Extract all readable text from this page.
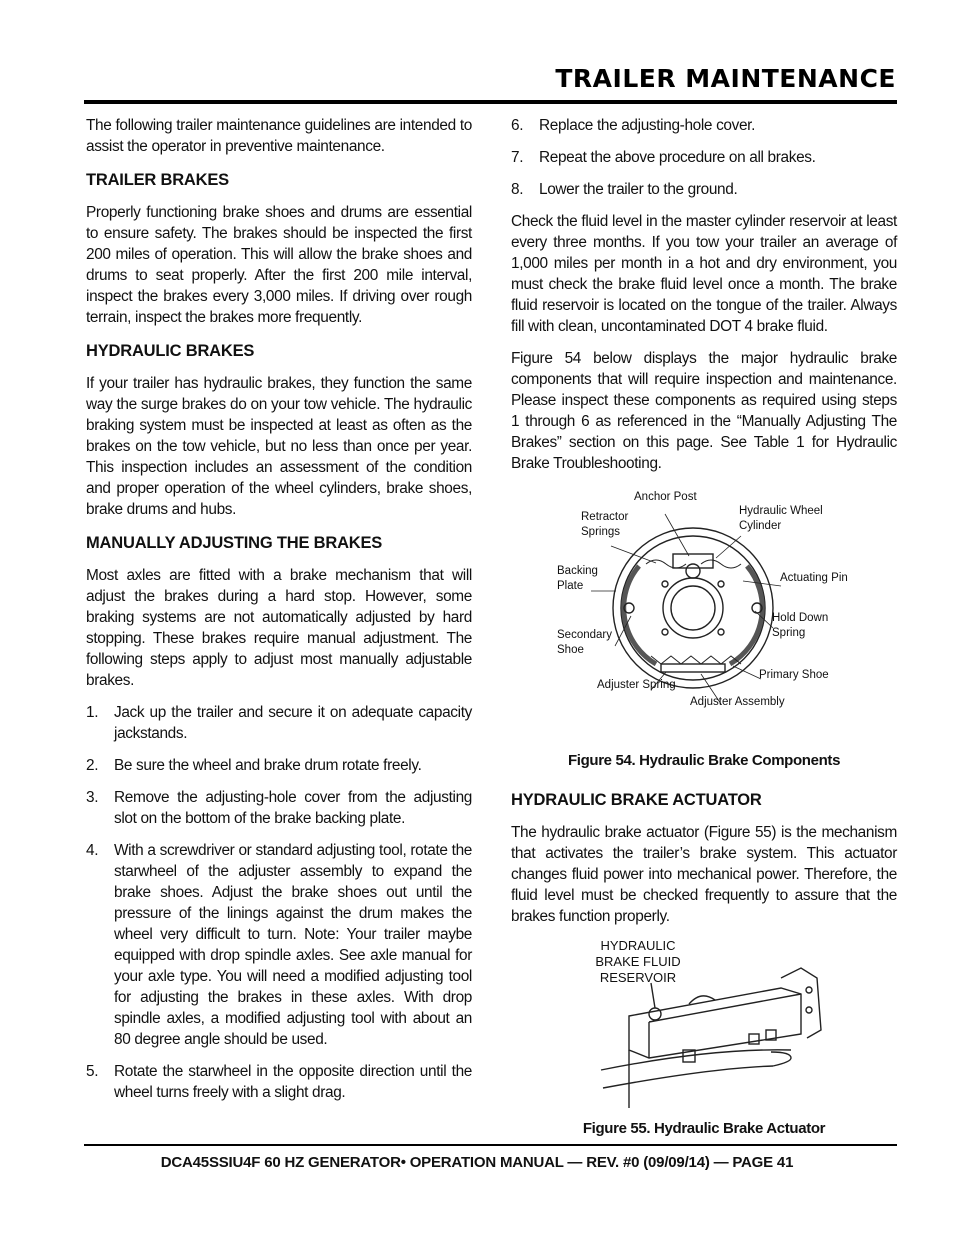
TRAILER MAINTENANCE

The following trailer maintenance guidelines are intended to assist the operator in preventive maintenance.

TRAILER BRAKES

Properly functioning brake shoes and drums are essential to ensure safety. The brakes should be inspected the first 200 miles of operation. This will allow the brake shoes and drums to seat properly. After the first 200 mile interval, inspect the brakes every 3,000 miles. If driving over rough terrain, inspect the brakes more frequently.

HYDRAULIC BRAKES

If your trailer has hydraulic brakes, they function the same way the surge brakes do on your tow vehicle. The hydraulic braking system must be inspected at least as often as the brakes on the tow vehicle, but no less than once per year. This inspection includes an assessment of the condition and proper operation of the wheel cylinders, brake shoes, brake drums and hubs.

MANUALLY ADJUSTING THE BRAKES

Most axles are fitted with a brake mechanism that will adjust the brakes during a hard stop. However, some braking systems are not automatically adjusted by hard stopping. These brakes require manual adjustment. The following steps apply to adjust most manually adjustable brakes.

1. Jack up the trailer and secure it on adequate capacity jackstands.
2. Be sure the wheel and brake drum rotate freely.
3. Remove the adjusting-hole cover from the adjusting slot on the bottom of the brake backing plate.
4. With a screwdriver or standard adjusting tool, rotate the starwheel of the adjuster assembly to expand the brake shoes. Adjust the brake shoes out until the pressure of the linings against the drum makes the wheel very difficult to turn. Note: Your trailer maybe equipped with drop spindle axles. See axle manual for your axle type. You will need a modified adjusting tool for adjusting the brakes in these axles. With drop spindle axles, a modified adjusting tool with about an 80 degree angle should be used.
5. Rotate the starwheel in the opposite direction until the wheel turns freely with a slight drag.
6. Replace the adjusting-hole cover.
7. Repeat the above procedure on all brakes.
8. Lower the trailer to the ground.

Check the fluid level in the master cylinder reservoir at least every three months. If you tow your trailer an average of 1,000 miles per month in a hot and dry environment, you must check the brake fluid level once a month. The brake fluid reservoir is located on the tongue of the trailer. Always fill with clean, uncontaminated DOT 4 brake fluid.

Figure 54 below displays the major hydraulic brake components that will require inspection and maintenance. Please inspect these components as required using steps 1 through 6 as referenced in the “Manually Adjusting The Brakes” section on this page. See Table 1 for Hydraulic Brake Troubleshooting.

Anchor Post
Retractor
Springs
Hydraulic Wheel
Cylinder
Backing
Plate
Actuating Pin
Hold Down
Spring
Secondary
Shoe
Primary Shoe
Adjuster Spring
Adjuster Assembly

Figure 54. Hydraulic Brake Components

HYDRAULIC BRAKE ACTUATOR

The hydraulic brake actuator (Figure 55) is the mechanism that activates the trailer’s brake system. This actuator changes fluid power into mechanical power. Therefore, the fluid level must be checked frequently to assure that the brakes function properly.

HYDRAULIC
BRAKE FLUID
RESERVOIR

Figure 55. Hydraulic Brake Actuator

DCA45SSIU4F 60 HZ GENERATOR• OPERATION MANUAL — REV. #0 (09/09/14) — PAGE 41
